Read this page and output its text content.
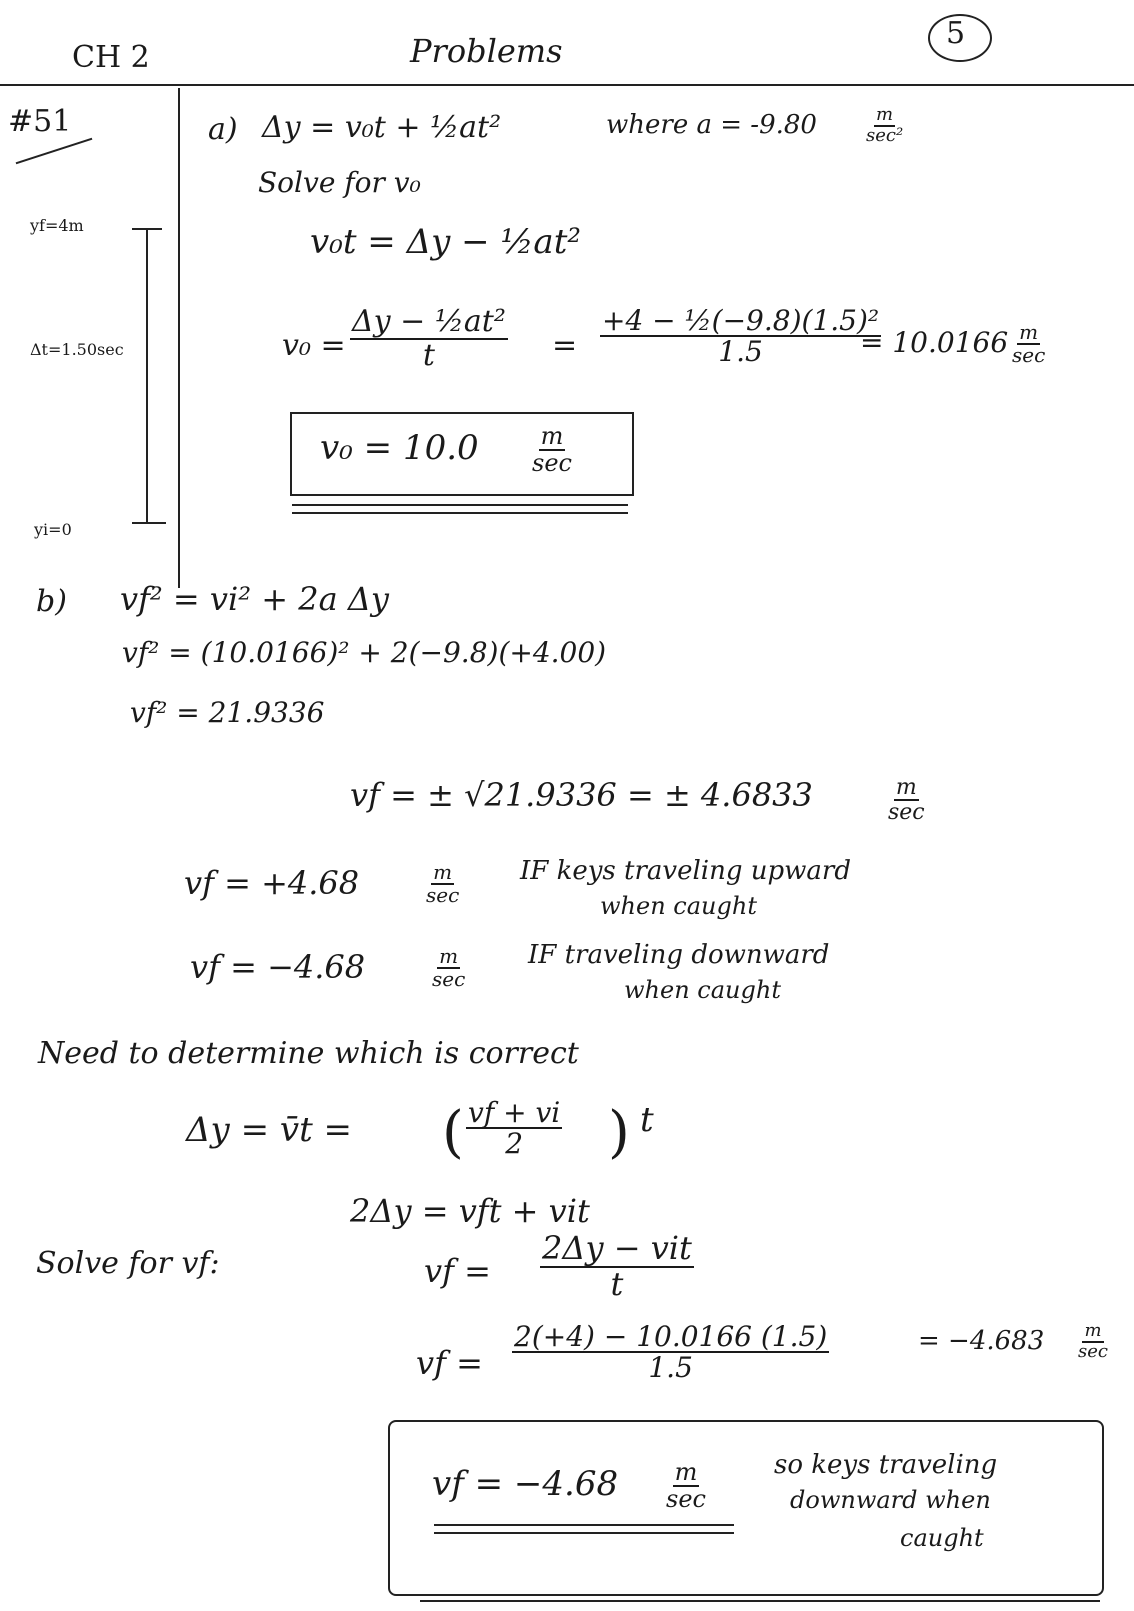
CH 2	Problems	5
#51
yf=4m
Δt=1.50sec
yi=0
a) Δy = v₀t + ½at²	where a = -9.80	m
sec²
Solve for v₀
v₀t = Δy − ½at²
$v_0 = \frac{\text{Δy − ½at²}}{t} = \frac{\text{+4 − ½(−9.8)(1.5)²}}{1.5}$
= 10.0166 m
sec
v₀ = 10.0	m
sec
b) vf² = vi² + 2a Δy
vf² = (10.0166)² + 2(−9.8)(+4.00)
vf² = 21.9336
vf = ± √21.9336 = ± 4.6833	m
sec
vf = +4.68	m
sec
IF keys traveling upward
when caught
vf = −4.68	m
sec
IF traveling downward
when caught
Need to determine which is correct
Δy = v̄t = ( $\frac{vf + vi}{2}$ ) t
2Δy = vft + vit
Solve for vf:	vf =
2Δy − vit
t
vf = $\frac{2(+4) - 10.0166 (1.5)}{1.5}$	= −4.683 m
sec
vf = −4.68 m
sec
so keys traveling
downward when
caught
